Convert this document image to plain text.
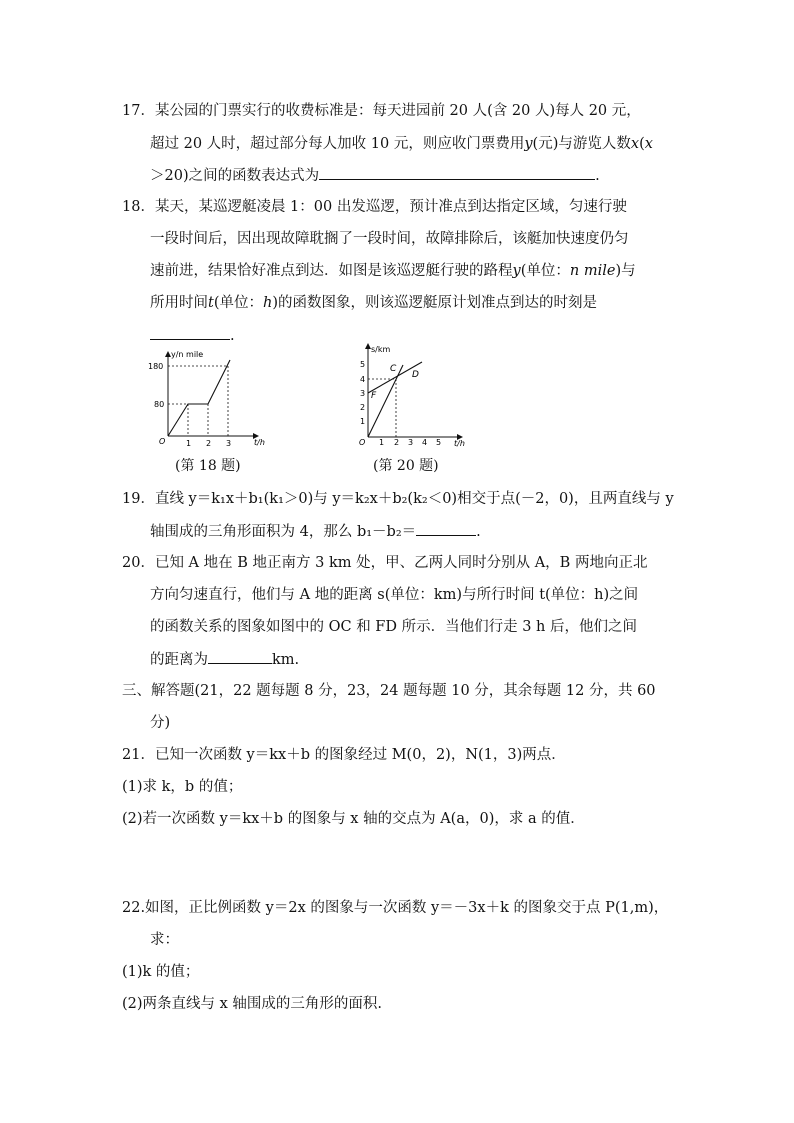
17．某公园的门票实行的收费标准是：每天进园前 20 人(含 20 人)每人 20 元，
超过 20 人时，超过部分每人加收 10 元，则应收门票费用y(元)与游览人数x(x
＞20)之间的函数表达式为	.
18．某天，某巡逻艇凌晨 1：00 出发巡逻，预计准点到达指定区域，匀速行驶
一段时间后，因出现故障耽搁了一段时间，故障排除后，该艇加快速度仍匀
速前进，结果恰好准点到达．如图是该巡逻艇行驶的路程y(单位：n mile)与
所用时间t(单位：h)的函数图象，则该巡逻艇原计划准点到达的时刻是
.
y/n mile
t/h
180
80
O	1 2 3
(第 18 题)
s/km
t/h
5
4
3
2
1
O 1 2 3 4 5
C
D
F
(第 20 题)
19．直线 y＝k₁x＋b₁(k₁＞0)与 y＝k₂x＋b₂(k₂＜0)相交于点(－2，0)，且两直线与 y
轴围成的三角形面积为 4，那么 b₁－b₂＝	.
20．已知 A 地在 B 地正南方 3 km 处，甲、乙两人同时分别从 A，B 两地向正北
方向匀速直行，他们与 A 地的距离 s(单位：km)与所行时间 t(单位：h)之间
的函数关系的图象如图中的 OC 和 FD 所示．当他们行走 3 h 后，他们之间
的距离为	km.
三、解答题(21，22 题每题 8 分，23，24 题每题 10 分，其余每题 12 分，共 60
分)
21．已知一次函数 y＝kx＋b 的图象经过 M(0，2)，N(1，3)两点．
(1)求 k，b 的值；
(2)若一次函数 y＝kx＋b 的图象与 x 轴的交点为 A(a，0)，求 a 的值．
22.如图，正比例函数 y＝2x 的图象与一次函数 y＝－3x＋k 的图象交于点 P(1,m)，
求：
(1)k 的值；
(2)两条直线与 x 轴围成的三角形的面积.
